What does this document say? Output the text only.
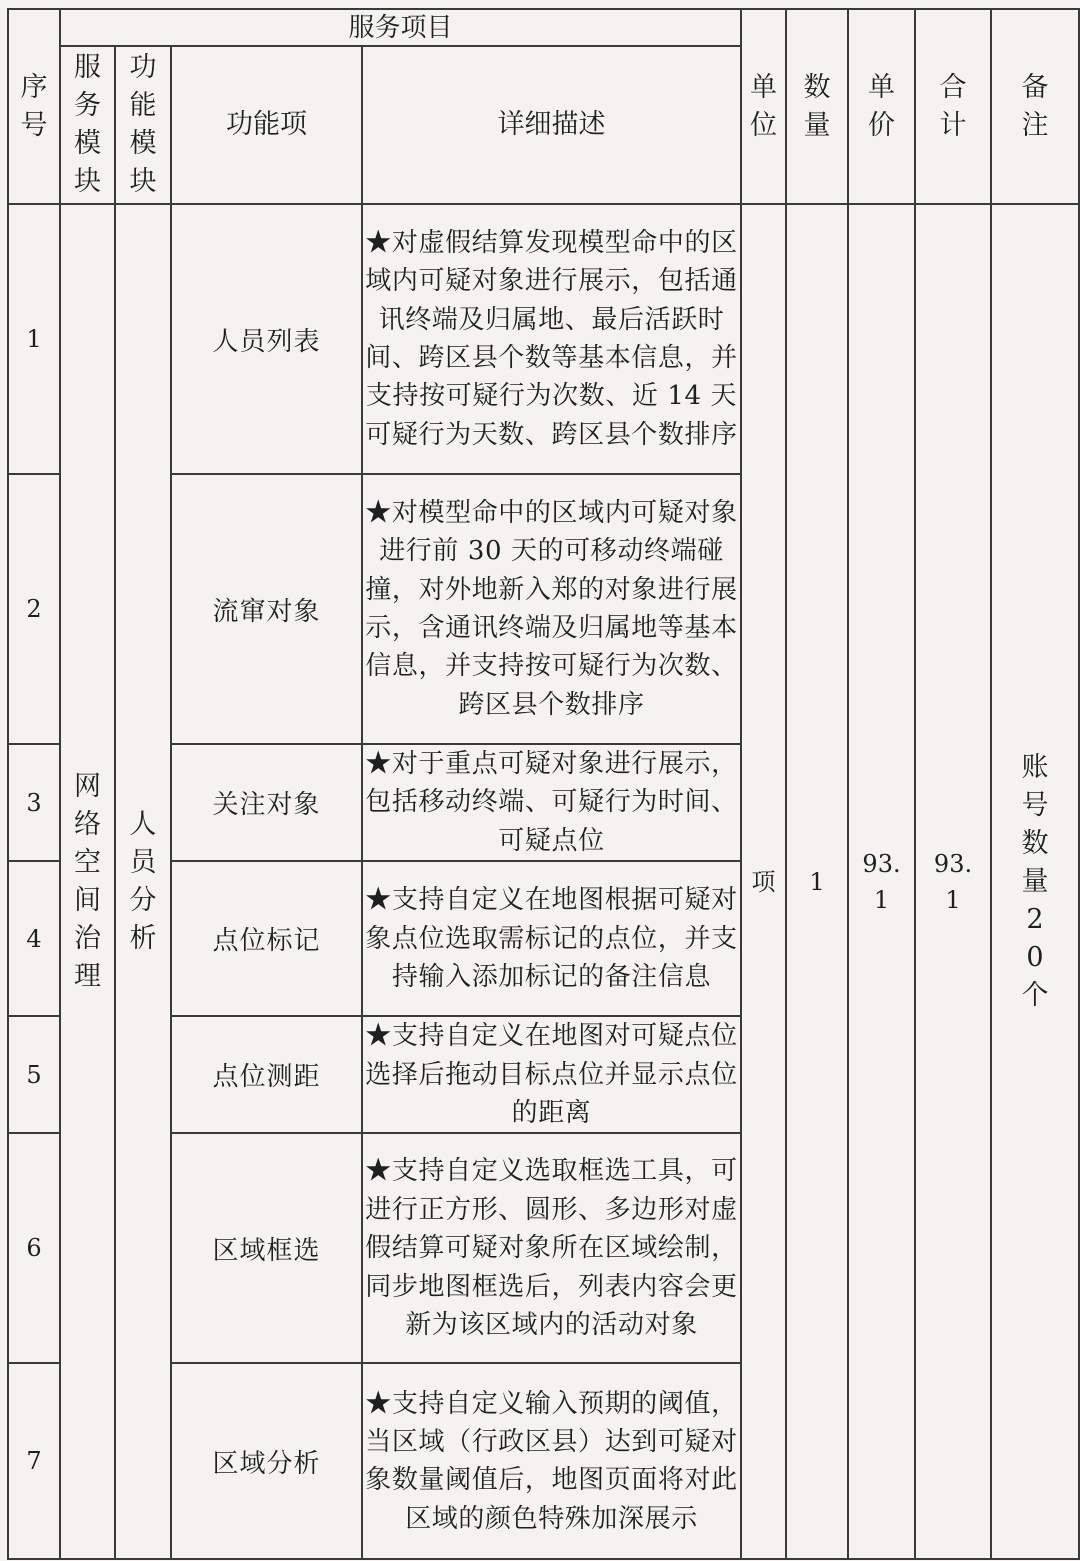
序号	服务项目				单位	数量	单价	合计	备注
	服务模块	功能模块	功能项	详细描述					
1	网络空间治理	人员分析	人员列表	★对虚假结算发现模型命中的区域内可疑对象进行展示，包括通讯终端及归属地、最后活跃时间、跨区县个数等基本信息，并支持按可疑行为次数、近 14 天可疑行为天数、跨区县个数排序	项	1	93.1	93.1	账号数量20个
2			流窜对象	★对模型命中的区域内可疑对象进行前 30 天的可移动终端碰撞，对外地新入郑的对象进行展示，含通讯终端及归属地等基本信息，并支持按可疑行为次数、跨区县个数排序					
3			关注对象	★对于重点可疑对象进行展示，包括移动终端、可疑行为时间、可疑点位					
4			点位标记	★支持自定义在地图根据可疑对象点位选取需标记的点位，并支持输入添加标记的备注信息					
5			点位测距	★支持自定义在地图对可疑点位选择后拖动目标点位并显示点位的距离					
6			区域框选	★支持自定义选取框选工具，可进行正方形、圆形、多边形对虚假结算可疑对象所在区域绘制，同步地图框选后，列表内容会更新为该区域内的活动对象					
7			区域分析	★支持自定义输入预期的阈值，当区域（行政区县）达到可疑对象数量阈值后，地图页面将对此区域的颜色特殊加深展示					
